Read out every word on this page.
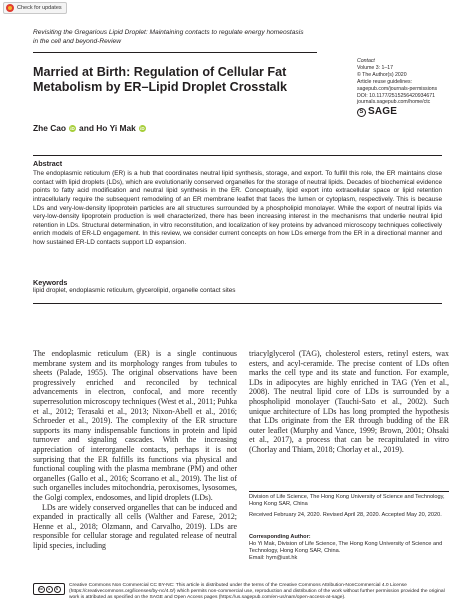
Check for updates
Revisiting the Gregarious Lipid Droplet: Maintaining contacts to regulate energy homeostasis in the cell and beyond-Review
Married at Birth: Regulation of Cellular Fat Metabolism by ER–Lipid Droplet Crosstalk
Contact
Volume 3: 1–17
© The Author(s) 2020
Article reuse guidelines:
sagepub.com/journals-permissions
DOI: 10.1177/2515256420934671
journals.sagepub.com/home/ctc
S SAGE
Zhe Cao iD and Ho Yi Mak iD
Abstract
The endoplasmic reticulum (ER) is a hub that coordinates neutral lipid synthesis, storage, and export. To fulfill this role, the ER maintains close contact with lipid droplets (LDs), which are evolutionarily conserved organelles for the storage of neutral lipids. Decades of biochemical evidence points to fatty acid modification and neutral lipid synthesis in the ER. Conceptually, lipid export into extracellular space or lipid retention intracellularly require the subsequent remodeling of an ER membrane leaflet that faces the lumen or cytoplasm, respectively. This is because LDs and very-low-density lipoprotein particles are all structures surrounded by a phospholipid monolayer. While the export of neutral lipids via very-low-density lipoprotein production is well characterized, there has been increasing interest in the mechanisms that underlie neutral lipid retention in LDs. Structural determination, in vitro reconstitution, and localization of key proteins by advanced microscopy techniques collectively enrich models of ER-LD engagement. In this review, we consider current concepts on how LDs emerge from the ER in a directional manner and how sustained ER-LD contacts support LD expansion.
Keywords
lipid droplet, endoplasmic reticulum, glycerolipid, organelle contact sites

The endoplasmic reticulum (ER) is a single continuous membrane system and its morphology ranges from tubules to sheets (Palade, 1955). The original observations have been progressively enriched and reconciled by technical advancements in electron, confocal, and more recently superresolution microscopy techniques (West et al., 2011; Puhka et al., 2012; Terasaki et al., 2013; Nixon-Abell et al., 2016; Schroeder et al., 2019). The complexity of the ER structure supports its many indispensable functions in protein and lipid turnover and signaling cascades. With the increasing appreciation of interorganelle contacts, perhaps it is not surprising that the ER fulfills its functions via physical and functional coupling with the plasma membrane (PM) and other organelles (Gallo et al., 2016; Scorrano et al., 2019). The list of such organelles includes mitochondria, peroxisomes, lysosomes, the Golgi complex, endosomes, and lipid droplets (LDs).

LDs are widely conserved organelles that can be induced and expanded in practically all cells (Walther and Farese, 2012; Henne et al., 2018; Olzmann, and Carvalho, 2019). LDs are responsible for cellular storage and regulated release of neutral lipid species, including

triacylglycerol (TAG), cholesterol esters, retinyl esters, wax esters, and acyl-ceramide. The precise content of LDs often marks the cell type and its state and function. For example, LDs in adipocytes are highly enriched in TAG (Yen et al., 2008). The neutral lipid core of LDs is surrounded by a phospholipid monolayer (Tauchi-Sato et al., 2002). Such unique architecture of LDs has long prompted the hypothesis that LDs originate from the ER through budding of the ER outer leaflet (Murphy and Vance, 1999; Brown, 2001; Ohsaki et al., 2017), a process that can be recapitulated in vitro (Chorlay and Thiam, 2018; Chorlay et al., 2019).

Division of Life Science, The Hong Kong University of Science and Technology, Hong Kong SAR, China
Received February 24, 2020. Revised April 28, 2020. Accepted May 20, 2020.
Corresponding Author:
Ho Yi Mak, Division of Life Science, The Hong Kong University of Science and Technology, Hong Kong SAR, China.
Email: hym@ust.hk
cc	●	$
Creative Commons Non Commercial CC BY-NC: This article is distributed under the terms of the Creative Commons Attribution-NonCommercial 4.0 License (https://creativecommons.org/licenses/by-nc/4.0/) which permits non-commercial use, reproduction and distribution of the work without further permission provided the original work is attributed as specified on the SAGE and Open Access pages (https://us.sagepub.com/en-us/nam/open-access-at-sage).
